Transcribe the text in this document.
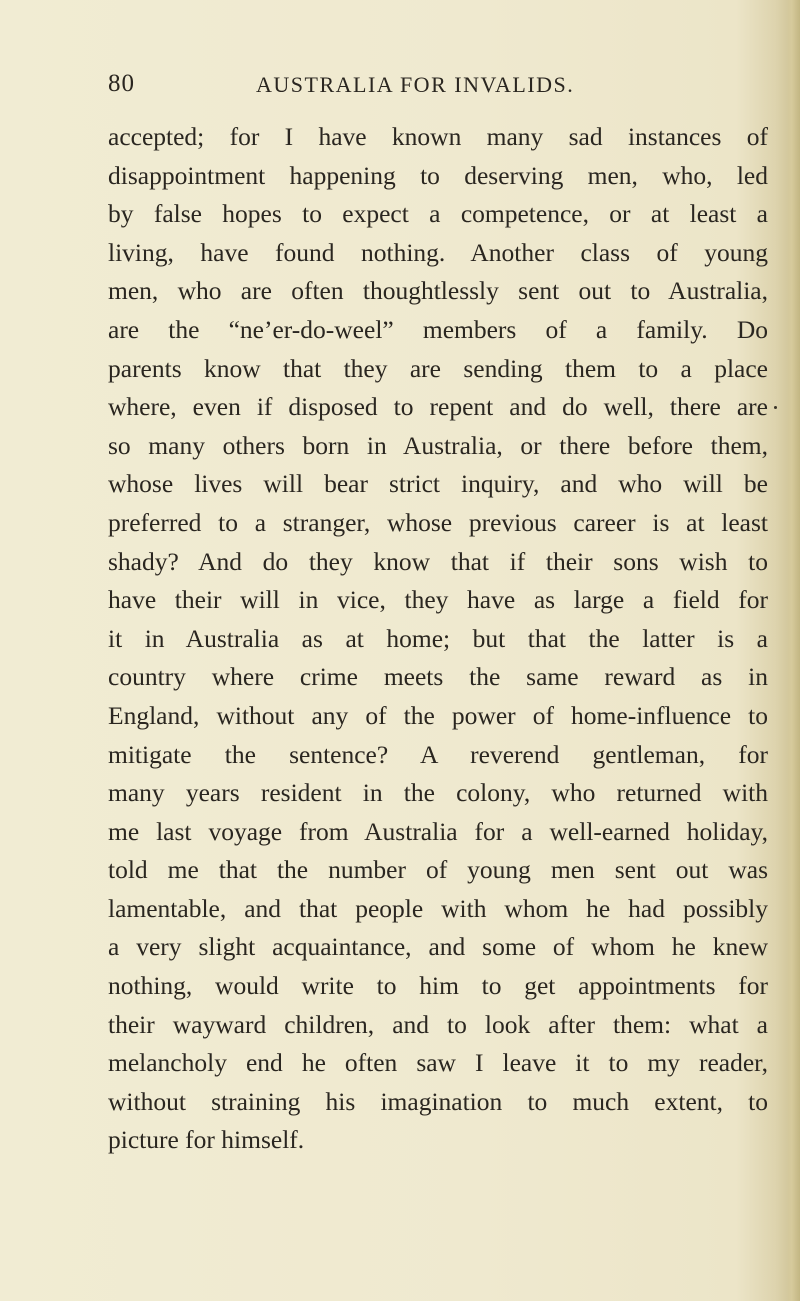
80	AUSTRALIA FOR INVALIDS.
accepted; for I have known many sad instances of
disappointment happening to deserving men, who, led
by false hopes to expect a competence, or at least a
living, have found nothing. Another class of young
men, who are often thoughtlessly sent out to Australia,
are the “ne’er-do-weel” members of a family. Do
parents know that they are sending them to a place
where, even if disposed to repent and do well, there are
so many others born in Australia, or there before them,
whose lives will bear strict inquiry, and who will be
preferred to a stranger, whose previous career is at least
shady? And do they know that if their sons wish to
have their will in vice, they have as large a field for
it in Australia as at home; but that the latter is a
country where crime meets the same reward as in
England, without any of the power of home-influence to
mitigate the sentence? A reverend gentleman, for
many years resident in the colony, who returned with
me last voyage from Australia for a well-earned holiday,
told me that the number of young men sent out was
lamentable, and that people with whom he had possibly
a very slight acquaintance, and some of whom he knew
nothing, would write to him to get appointments for
their wayward children, and to look after them: what a
melancholy end he often saw I leave it to my reader,
without straining his imagination to much extent, to
picture for himself.
